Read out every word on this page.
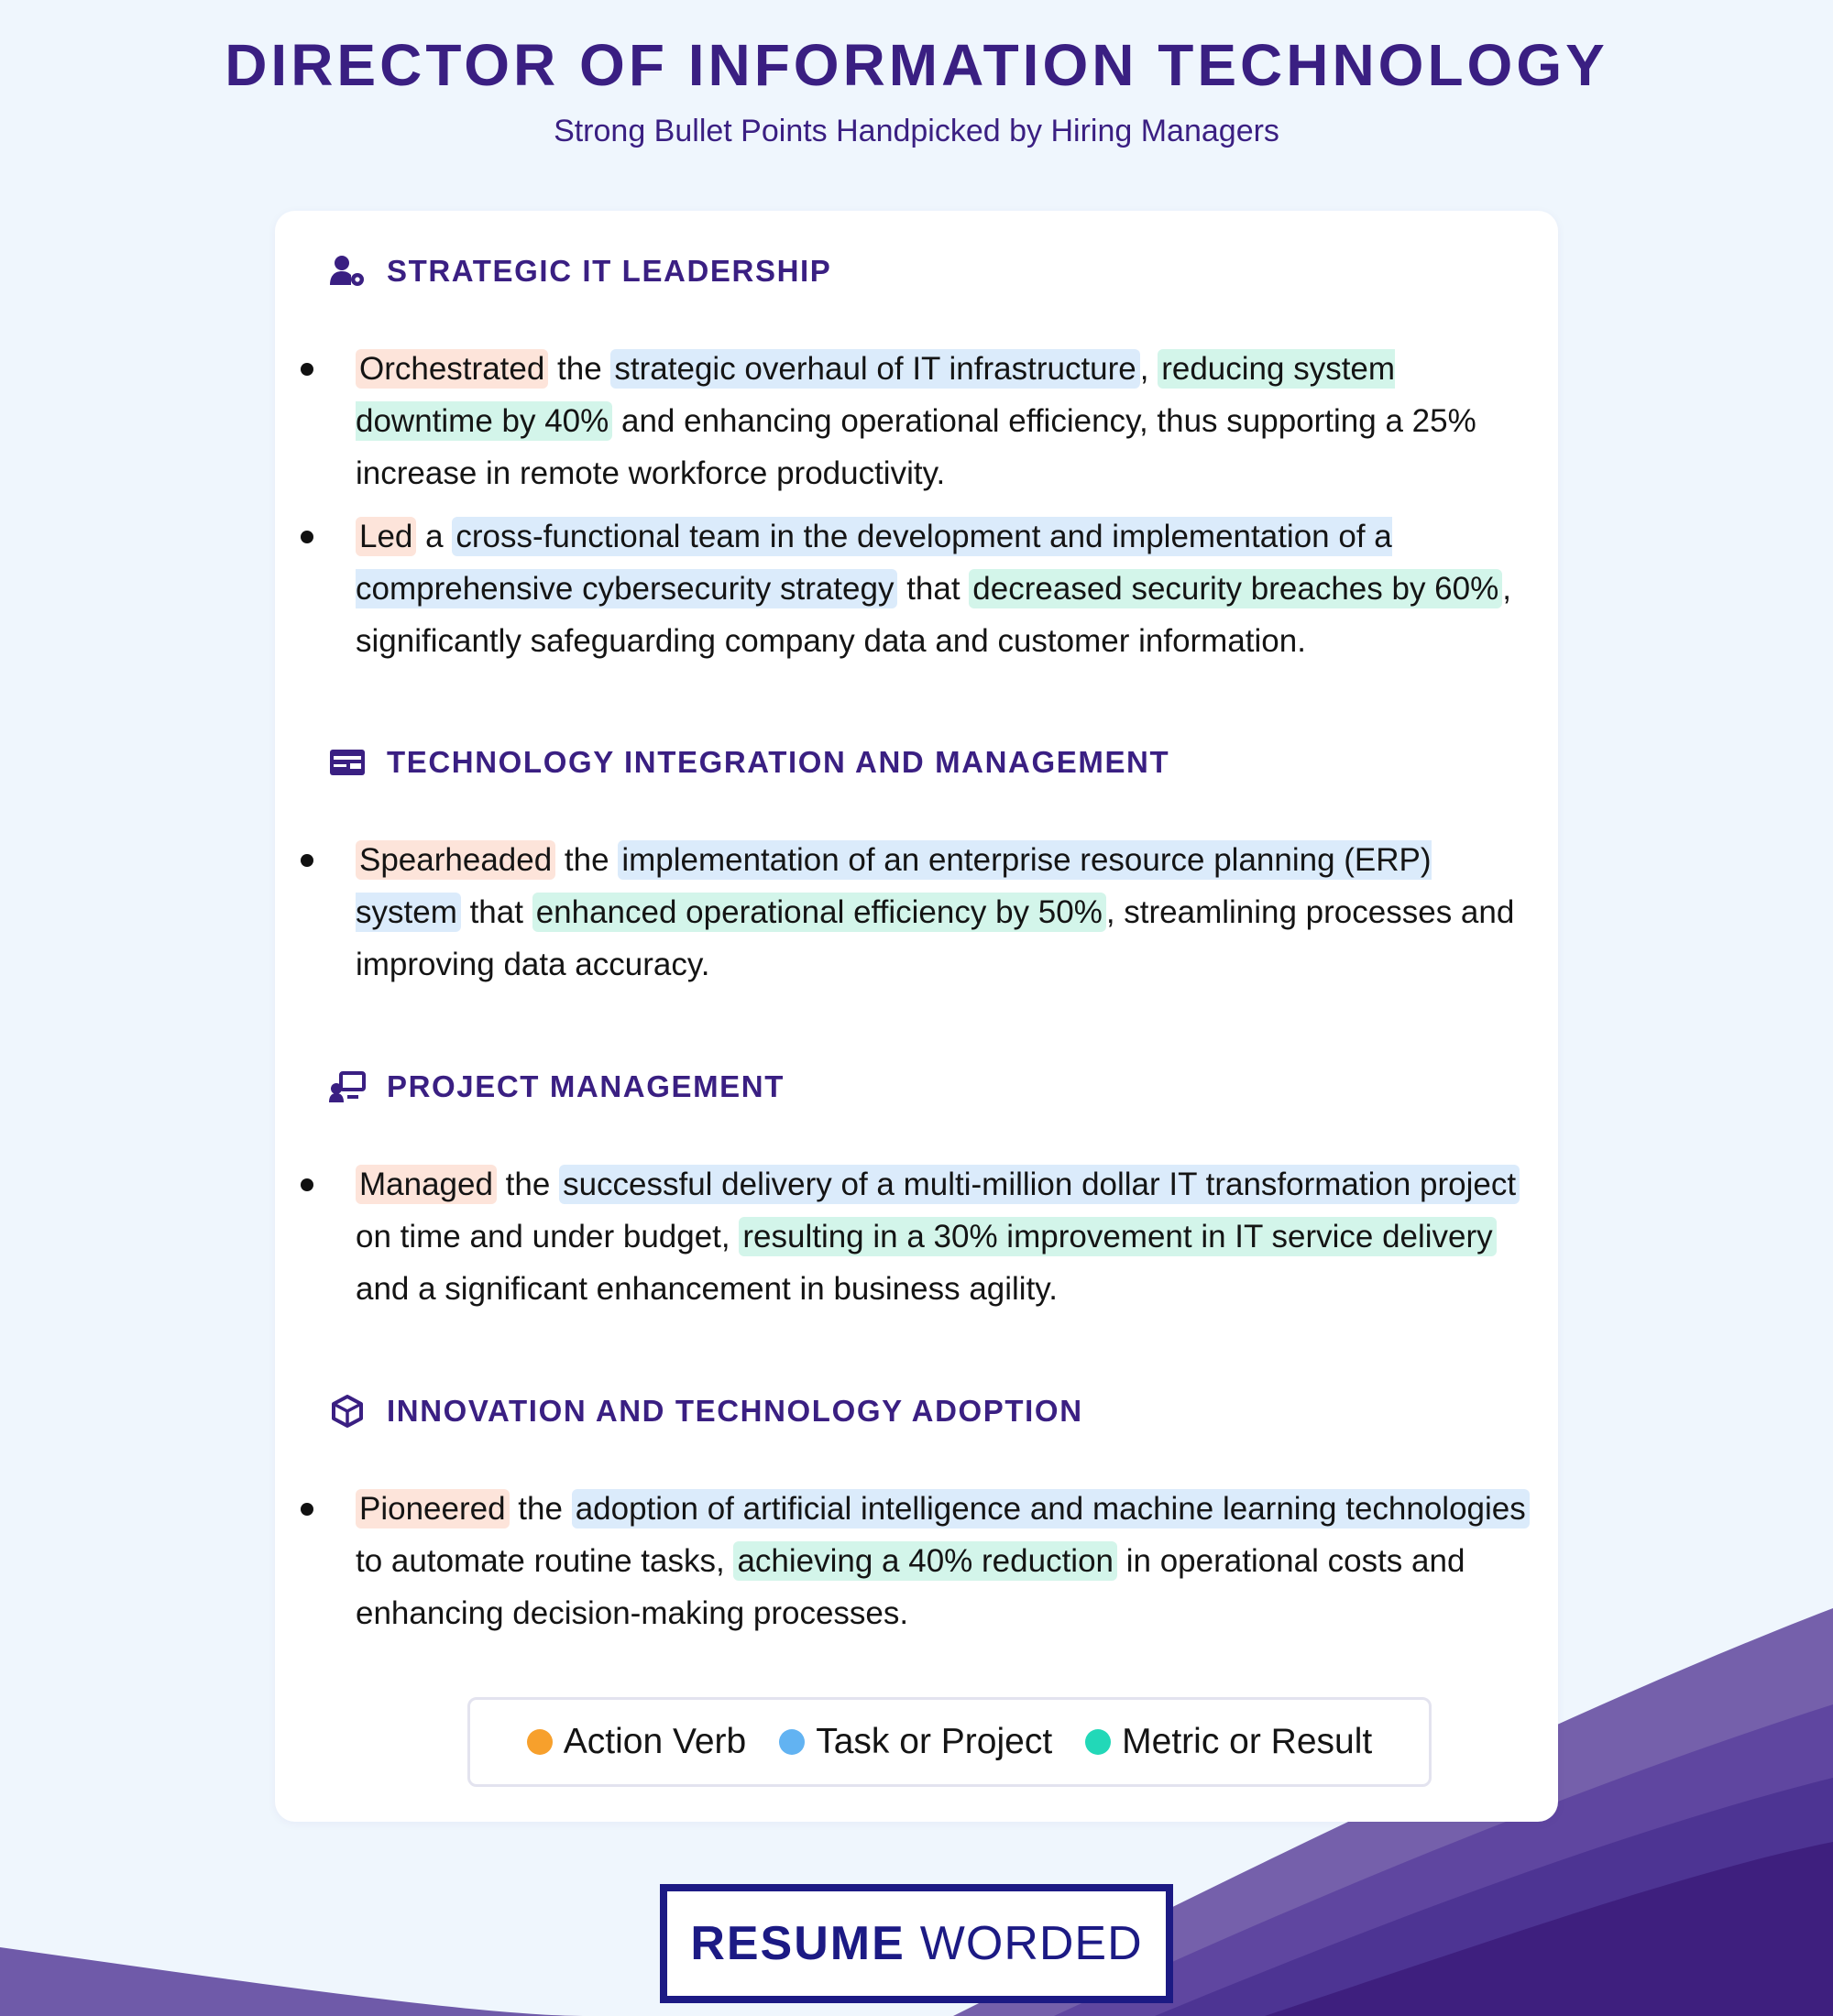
DIRECTOR OF INFORMATION TECHNOLOGY
Strong Bullet Points Handpicked by Hiring Managers
STRATEGIC IT LEADERSHIP
Orchestrated the strategic overhaul of IT infrastructure , reducing system downtime by 40% and enhancing operational efficiency, thus supporting a 25% increase in remote workforce productivity.
Led a cross-functional team in the development and implementation of a comprehensive cybersecurity strategy that decreased security breaches by 60% , significantly safeguarding company data and customer information.
TECHNOLOGY INTEGRATION AND MANAGEMENT
Spearheaded the implementation of an enterprise resource planning (ERP) system that enhanced operational efficiency by 50% , streamlining processes and improving data accuracy.
PROJECT MANAGEMENT
Managed the successful delivery of a multi-million dollar IT transformation project on time and under budget, resulting in a 30% improvement in IT service delivery and a significant enhancement in business agility.
INNOVATION AND TECHNOLOGY ADOPTION
Pioneered the adoption of artificial intelligence and machine learning technologies to automate routine tasks, achieving a 40% reduction in operational costs and enhancing decision-making processes.
Action Verb Task or Project Metric or Result
RESUME WORDED
